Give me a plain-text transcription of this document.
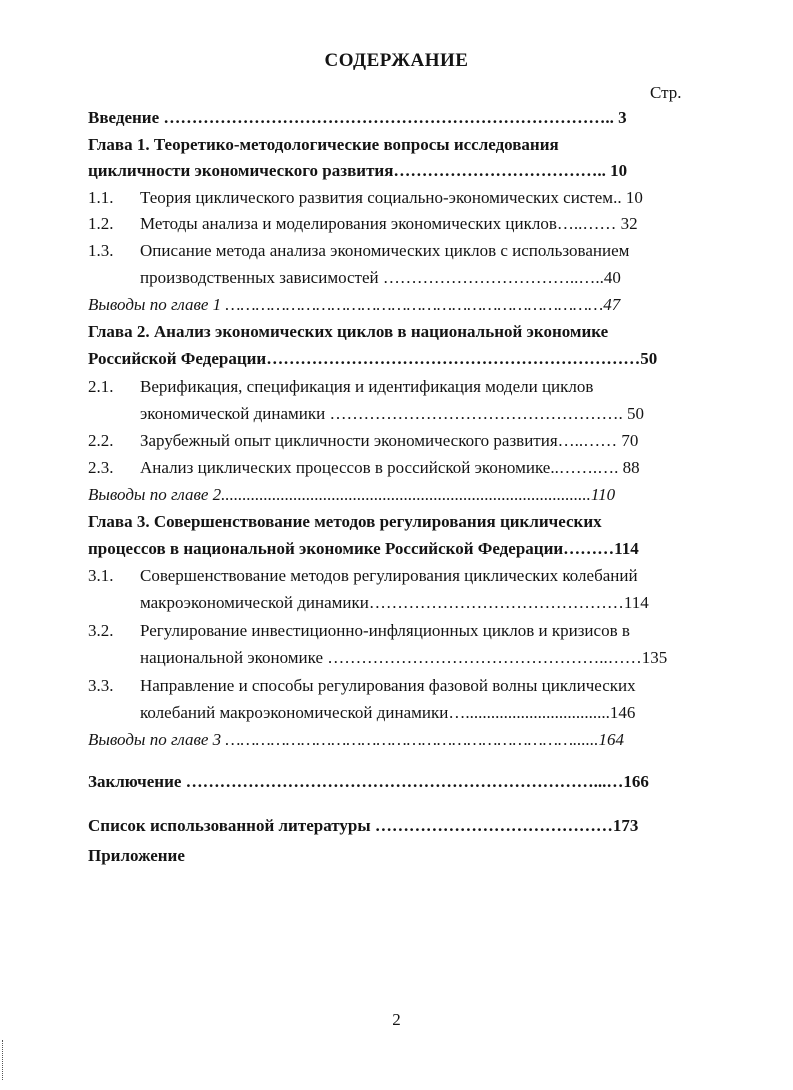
СОДЕРЖАНИЕ
Стр.
Введение …………………………………………………………………….. 3
Глава 1. Теоретико-методологические вопросы исследования
цикличности экономического развития……………………………….. 10
1.1. Теория циклического развития социально-экономических систем.. 10
1.2. Методы анализа и моделирования экономических циклов…..…… 32
1.3. Описание метода анализа экономических циклов с использованием
производственных зависимостей ……………………………..…..40
Выводы по главе 1 …………………………………………………………………47
Глава 2. Анализ экономических циклов в национальной экономике
Российской Федерации…………………………………………………………50
2.1. Верификация, спецификация и идентификация модели циклов
экономической динамики ……………………………………………. 50
2.2. Зарубежный опыт цикличности экономического развития…..…… 70
2.3. Анализ циклических процессов в российской экономике..…….…. 88
Выводы по главе 2.......................................................................................110
Глава 3. Совершенствование методов регулирования циклических
процессов в национальной экономике Российской Федерации………114
3.1. Совершенствование методов регулирования циклических колебаний
макроэкономической динамики………………………………………114
3.2. Регулирование инвестиционно-инфляционных циклов и кризисов в
национальной экономике …………………………………………..……135
3.3. Направление и способы регулирования фазовой волны циклических
колебаний макроэкономической динамики…..................................146
Выводы по главе 3 ……………………………………………………………......164
Заключение ………………………………………………………………...…166
Список использованной литературы ……………………………………173
Приложение
2
